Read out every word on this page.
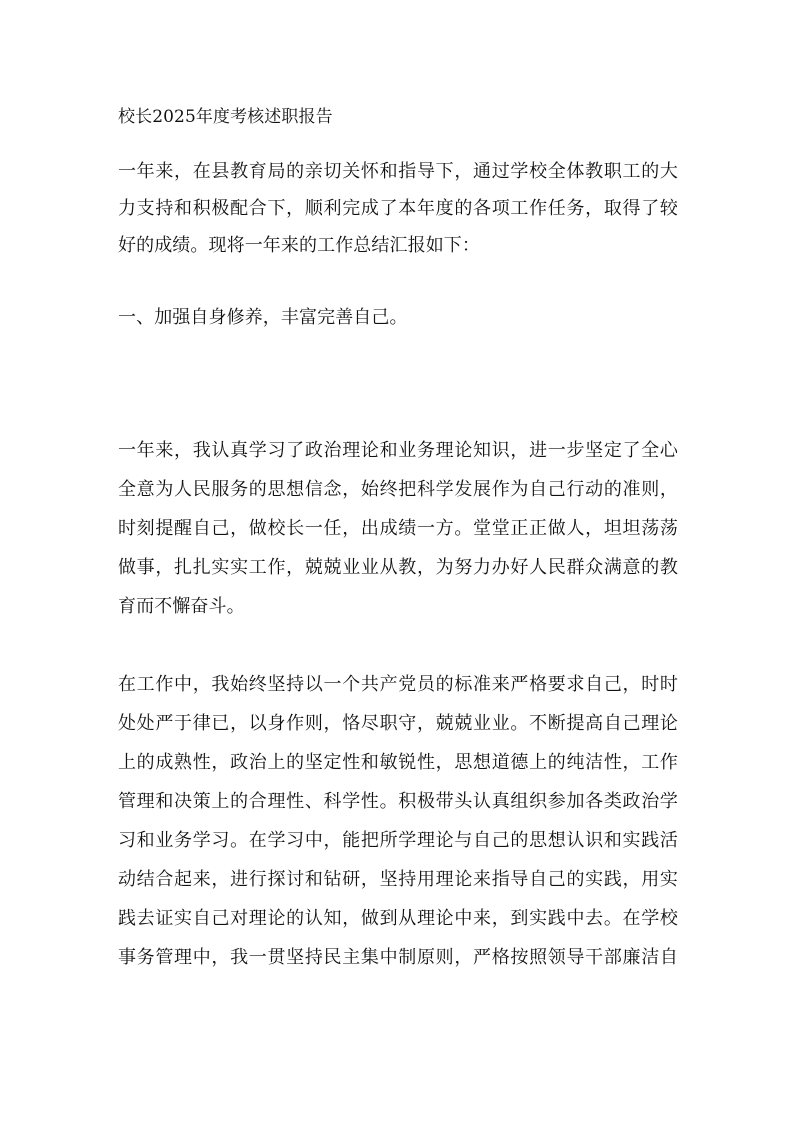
校长2025年度考核述职报告
一年来，在县教育局的亲切关怀和指导下，通过学校全体教职工的大
力支持和积极配合下，顺利完成了本年度的各项工作任务，取得了较
好的成绩。现将一年来的工作总结汇报如下：
一、加强自身修养，丰富完善自己。
一年来，我认真学习了政治理论和业务理论知识，进一步坚定了全心
全意为人民服务的思想信念，始终把科学发展作为自己行动的准则，
时刻提醒自己，做校长一任，出成绩一方。堂堂正正做人，坦坦荡荡
做事，扎扎实实工作，兢兢业业从教，为努力办好人民群众满意的教
育而不懈奋斗。
在工作中，我始终坚持以一个共产党员的标准来严格要求自己，时时
处处严于律已，以身作则，恪尽职守，兢兢业业。不断提高自己理论
上的成熟性，政治上的坚定性和敏锐性，思想道德上的纯洁性，工作
管理和决策上的合理性、科学性。积极带头认真组织参加各类政治学
习和业务学习。在学习中，能把所学理论与自己的思想认识和实践活
动结合起来，进行探讨和钻研，坚持用理论来指导自己的实践，用实
践去证实自己对理论的认知，做到从理论中来，到实践中去。在学校
事务管理中，我一贯坚持民主集中制原则，严格按照领导干部廉洁自
